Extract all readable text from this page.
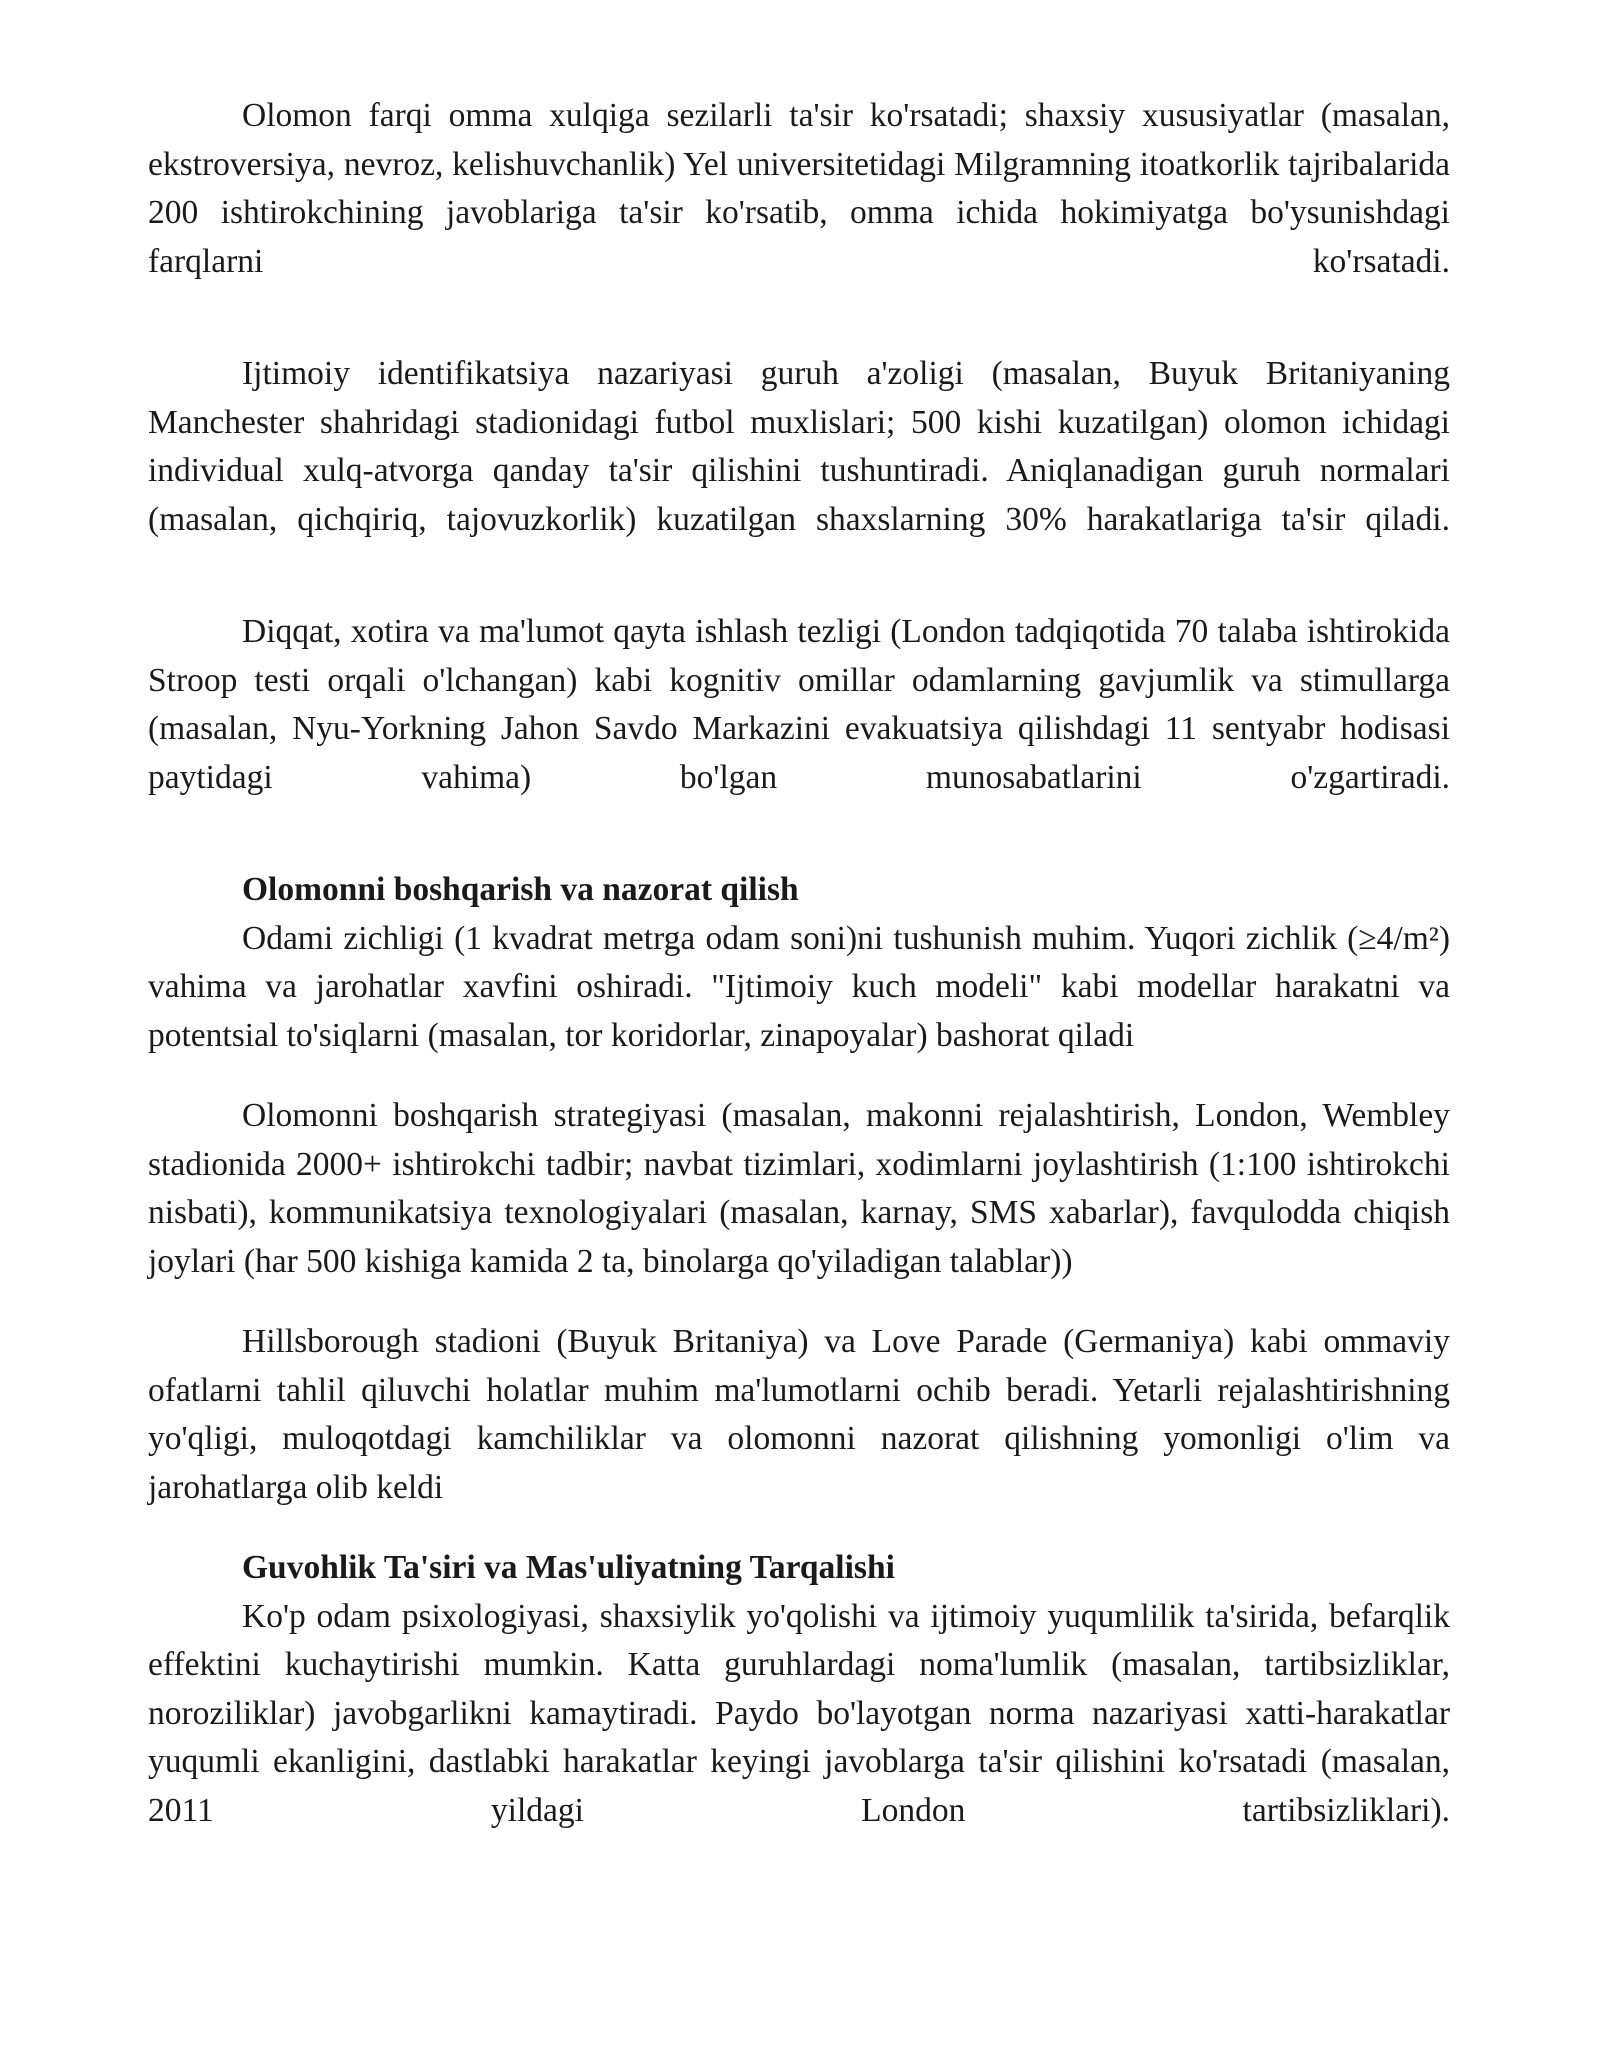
Olomon farqi omma xulqiga sezilarli ta'sir ko'rsatadi; shaxsiy xususiyatlar (masalan, ekstroversiya, nevroz, kelishuvchanlik) Yel universitetidagi Milgramning itoatkorlik tajribalarida 200 ishtirokchining javoblariga ta'sir ko'rsatib, omma ichida hokimiyatga bo'ysunishdagi farqlarni ko'rsatadi.

Ijtimoiy identifikatsiya nazariyasi guruh a'zoligi (masalan, Buyuk Britaniyaning Manchester shahridagi stadionidagi futbol muxlislari; 500 kishi kuzatilgan) olomon ichidagi individual xulq-atvorga qanday ta'sir qilishini tushuntiradi. Aniqlanadigan guruh normalari (masalan, qichqiriq, tajovuzkorlik) kuzatilgan shaxslarning 30% harakatlariga ta'sir qiladi.

Diqqat, xotira va ma'lumot qayta ishlash tezligi (London tadqiqotida 70 talaba ishtirokida Stroop testi orqali o'lchangan) kabi kognitiv omillar odamlarning gavjumlik va stimullarga (masalan, Nyu-Yorkning Jahon Savdo Markazini evakuatsiya qilishdagi 11 sentyabr hodisasi paytidagi vahima) bo'lgan munosabatlarini o'zgartiradi.

Olomonni boshqarish va nazorat qilish

Odami zichligi (1 kvadrat metrga odam soni)ni tushunish muhim. Yuqori zichlik (≥4/m²) vahima va jarohatlar xavfini oshiradi. "Ijtimoiy kuch modeli" kabi modellar harakatni va potentsial to'siqlarni (masalan, tor koridorlar, zinapoyalar) bashorat qiladi

Olomonni boshqarish strategiyasi (masalan, makonni rejalashtirish, London, Wembley stadionida 2000+ ishtirokchi tadbir; navbat tizimlari, xodimlarni joylashtirish (1:100 ishtirokchi nisbati), kommunikatsiya texnologiyalari (masalan, karnay, SMS xabarlar), favqulodda chiqish joylari (har 500 kishiga kamida 2 ta, binolarga qo'yiladigan talablar))

Hillsborough stadioni (Buyuk Britaniya) va Love Parade (Germaniya) kabi ommaviy ofatlarni tahlil qiluvchi holatlar muhim ma'lumotlarni ochib beradi. Yetarli rejalashtirishning yo'qligi, muloqotdagi kamchiliklar va olomonni nazorat qilishning yomonligi o'lim va jarohatlarga olib keldi

Guvohlik Ta'siri va Mas'uliyatning Tarqalishi

Ko'p odam psixologiyasi, shaxsiylik yo'qolishi va ijtimoiy yuqumlilik ta'sirida, befarqlik effektini kuchaytirishi mumkin. Katta guruhlardagi noma'lumlik (masalan, tartibsizliklar, noroziliklar) javobgarlikni kamaytiradi. Paydo bo'layotgan norma nazariyasi xatti-harakatlar yuqumli ekanligini, dastlabki harakatlar keyingi javoblarga ta'sir qilishini ko'rsatadi (masalan, 2011 yildagi London tartibsizliklari).
